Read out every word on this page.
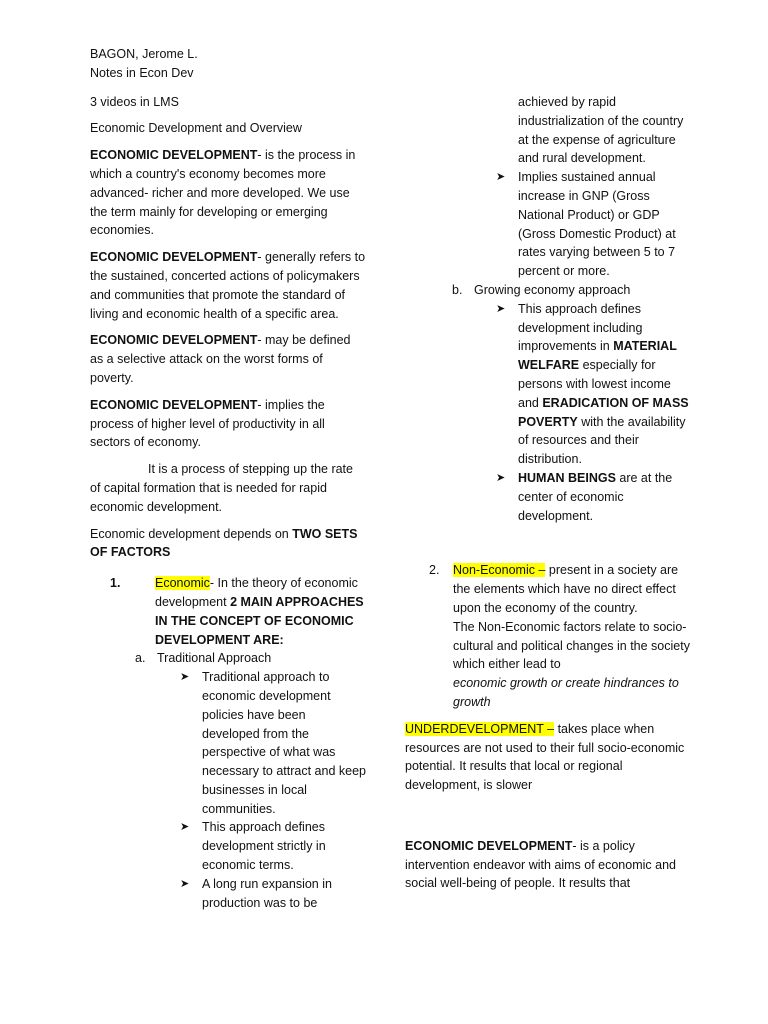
BAGON, Jerome L.

Notes in Econ Dev

3 videos in LMS

Economic Development and Overview

ECONOMIC DEVELOPMENT- is the process in which a country's economy becomes more advanced- richer and more developed. We use the term mainly for developing or emerging economies.

ECONOMIC DEVELOPMENT- generally refers to the sustained, concerted actions of policymakers and communities that promote the standard of living and economic health of a specific area.

ECONOMIC DEVELOPMENT- may be defined as a selective attack on the worst forms of poverty.

ECONOMIC DEVELOPMENT- implies the process of higher level of productivity in all sectors of economy.

It is a process of stepping up the rate of capital formation that is needed for rapid economic development.

Economic development depends on TWO SETS OF FACTORS

1.	Economic- In the theory of economic development 2 MAIN APPROACHES IN THE CONCEPT OF ECONOMIC DEVELOPMENT ARE:
a. Traditional Approach
➤	Traditional approach to economic development policies have been developed from the perspective of what was necessary to attract and keep businesses in local communities.
➤	This approach defines development strictly in economic terms.
➤	A long run expansion in production was to be
achieved by rapid industrialization of the country at the expense of agriculture and rural development.
➤	Implies sustained annual increase in GNP (Gross National Product) or GDP (Gross Domestic Product) at rates varying between 5 to 7 percent or more.
b. Growing economy approach
➤	This approach defines development including improvements in MATERIAL WELFARE especially for persons with lowest income and ERADICATION OF MASS POVERTY with the availability of resources and their distribution.
➤	HUMAN BEINGS are at the center of economic development.
2.	Non-Economic – present in a society are the elements which have no direct effect upon the economy of the country.
The Non-Economic factors relate to socio-cultural and political changes in the society which either lead to
economic growth or create hindrances to growth

UNDERDEVELOPMENT – takes place when resources are not used to their full socio-economic potential. It results that local or regional development, is slower

ECONOMIC DEVELOPMENT- is a policy intervention endeavor with aims of economic and social well-being of people. It results that
